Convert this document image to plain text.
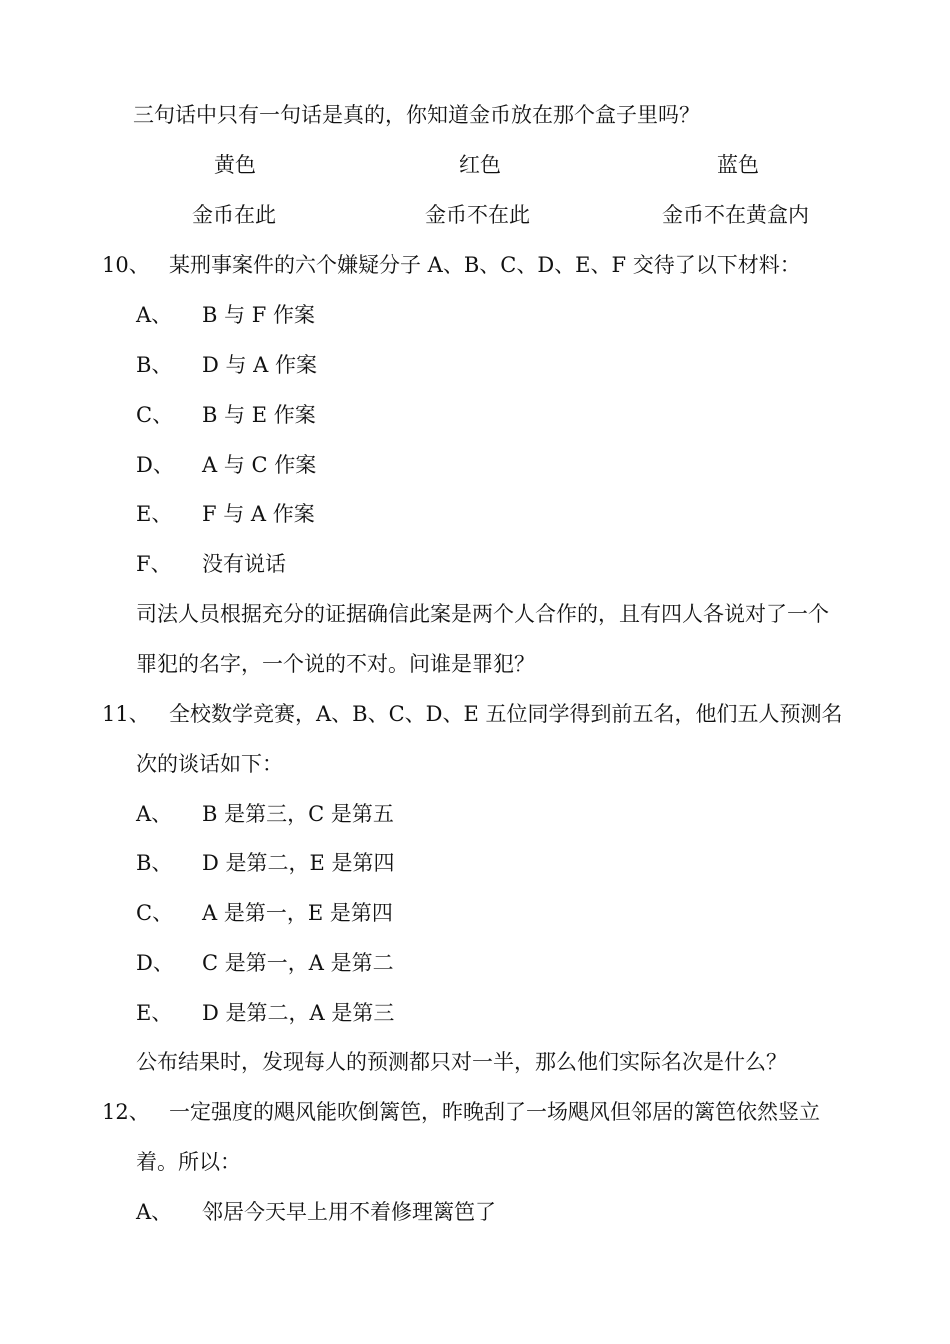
三句话中只有一句话是真的，你知道金币放在那个盒子里吗？
黄色	红色	蓝色
金币在此	金币不在此	金币不在黄盒内
10、 某刑事案件的六个嫌疑分子 A、B、C、D、E、F 交待了以下材料：
A、 B 与 F 作案
B、 D 与 A 作案
C、 B 与 E 作案
D、 A 与 C 作案
E、 F 与 A 作案
F、 没有说话
司法人员根据充分的证据确信此案是两个人合作的，且有四人各说对了一个
罪犯的名字，一个说的不对。问谁是罪犯？
11、 全校数学竞赛，A、B、C、D、E 五位同学得到前五名，他们五人预测名
次的谈话如下：
A、 B 是第三，C 是第五
B、 D 是第二，E 是第四
C、 A 是第一，E 是第四
D、 C 是第一，A 是第二
E、 D 是第二，A 是第三
公布结果时，发现每人的预测都只对一半，那么他们实际名次是什么？
12、 一定强度的飓风能吹倒篱笆，昨晚刮了一场飓风但邻居的篱笆依然竖立
着。所以：
A、 邻居今天早上用不着修理篱笆了
